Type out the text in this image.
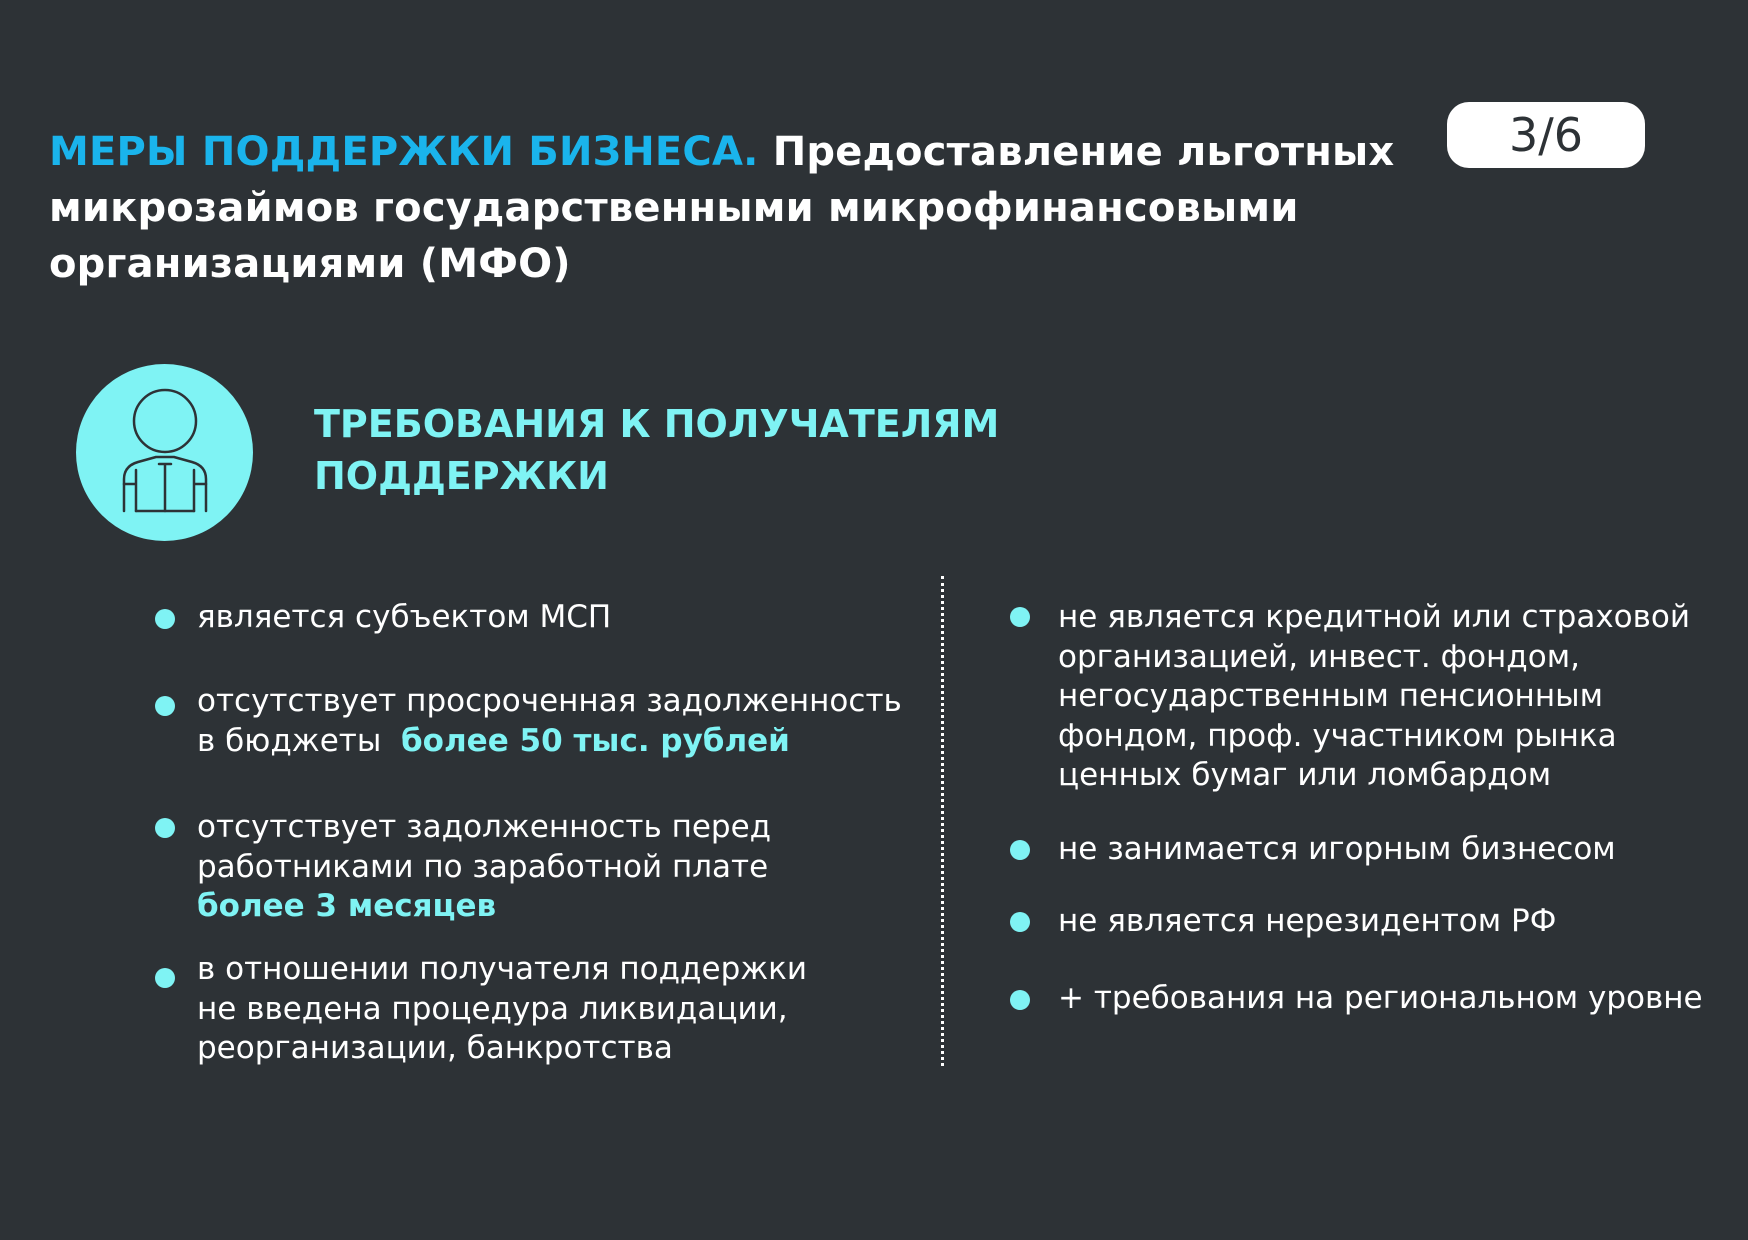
3/6
МЕРЫ ПОДДЕРЖКИ БИЗНЕСА. Предоставление льготных микрозаймов государственными микрофинансовыми организациями (МФО)
ТРЕБОВАНИЯ К ПОЛУЧАТЕЛЯМ
ПОДДЕРЖКИ
является субъектом МСП
отсутствует просроченная задолженность
в бюджеты более 50 тыс. рублей
отсутствует задолженность перед
работниками по заработной плате
более 3 месяцев
в отношении получателя поддержки
не введена процедура ликвидации,
реорганизации, банкротства
не является кредитной или страховой
организацией, инвест. фондом,
негосударственным пенсионным
фондом, проф. участником рынка
ценных бумаг или ломбардом
не занимается игорным бизнесом
не является нерезидентом РФ
+ требования на региональном уровне
